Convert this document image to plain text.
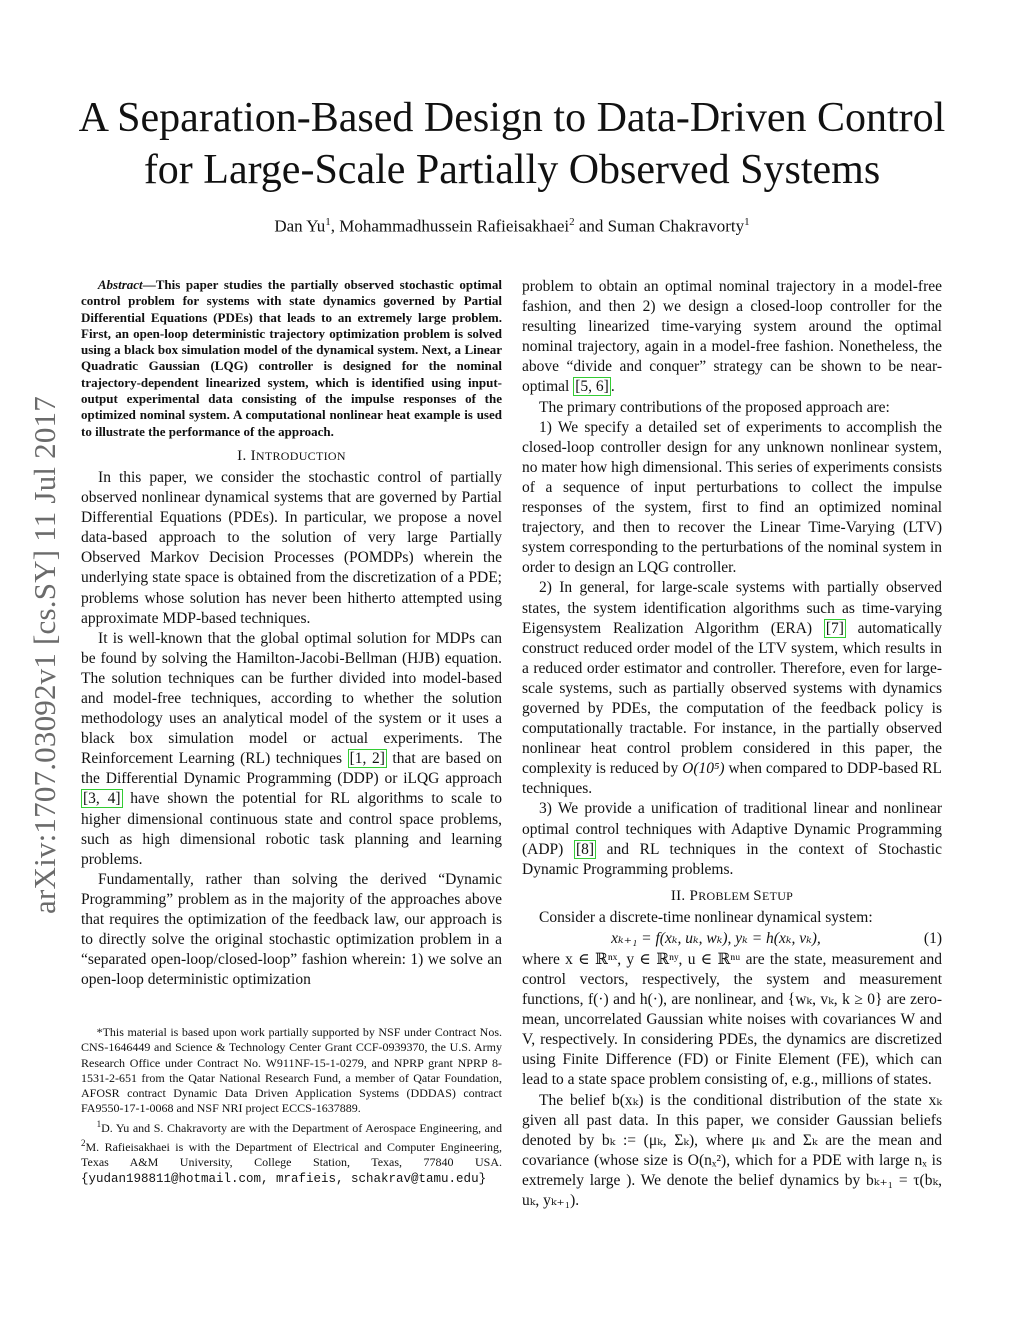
arXiv:1707.03092v1 [cs.SY] 11 Jul 2017
A Separation-Based Design to Data-Driven Control
for Large-Scale Partially Observed Systems
Dan Yu$^1$, Mohammadhussein Rafieisakhaei$^2$ and Suman Chakravorty$^1$

Abstract—This paper studies the partially observed stochastic optimal control problem for systems with state dynamics governed by Partial Differential Equations (PDEs) that leads to an extremely large problem. First, an open-loop deterministic trajectory optimization problem is solved using a black box simulation model of the dynamical system. Next, a Linear Quadratic Gaussian (LQG) controller is designed for the nominal trajectory-dependent linearized system, which is identified using input-output experimental data consisting of the impulse responses of the optimized nominal system. A computational nonlinear heat example is used to illustrate the performance of the approach.

I. INTRODUCTION

In this paper, we consider the stochastic control of partially observed nonlinear dynamical systems that are governed by Partial Differential Equations (PDEs). In particular, we propose a novel data-based approach to the solution of very large Partially Observed Markov Decision Processes (POMDPs) wherein the underlying state space is obtained from the discretization of a PDE; problems whose solution has never been hitherto attempted using approximate MDP-based techniques.

It is well-known that the global optimal solution for MDPs can be found by solving the Hamilton-Jacobi-Bellman (HJB) equation. The solution techniques can be further divided into model-based and model-free techniques, according to whether the solution methodology uses an analytical model of the system or it uses a black box simulation model or actual experiments. The Reinforcement Learning (RL) techniques [1, 2] that are based on the Differential Dynamic Programming (DDP) or iLQG approach [3, 4] have shown the potential for RL algorithms to scale to higher dimensional continuous state and control space problems, such as high dimensional robotic task planning and learning problems.

Fundamentally, rather than solving the derived “Dynamic Programming” problem as in the majority of the approaches above that requires the optimization of the feedback law, our approach is to directly solve the original stochastic optimization problem in a “separated open-loop/closed-loop” fashion wherein: 1) we solve an open-loop deterministic optimization

*This material is based upon work partially supported by NSF under Contract Nos. CNS-1646449 and Science & Technology Center Grant CCF-0939370, the U.S. Army Research Office under Contract No. W911NF-15-1-0279, and NPRP grant NPRP 8-1531-2-651 from the Qatar National Research Fund, a member of Qatar Foundation, AFOSR contract Dynamic Data Driven Application Systems (DDDAS) contract FA9550-17-1-0068 and NSF NRI project ECCS-1637889.

$^1$D. Yu and S. Chakravorty are with the Department of Aerospace Engineering, and $^2$M. Rafieisakhaei is with the Department of Electrical and Computer Engineering, Texas A&M University, College Station, Texas, 77840 USA. {yudan198811@hotmail.com, mrafieis, schakrav@tamu.edu}

problem to obtain an optimal nominal trajectory in a model-free fashion, and then 2) we design a closed-loop controller for the resulting linearized time-varying system around the optimal nominal trajectory, again in a model-free fashion. Nonetheless, the above “divide and conquer” strategy can be shown to be near-optimal [5, 6] .

The primary contributions of the proposed approach are:

1) We specify a detailed set of experiments to accomplish the closed-loop controller design for any unknown nonlinear system, no mater how high dimensional. This series of experiments consists of a sequence of input perturbations to collect the impulse responses of the system, first to find an optimized nominal trajectory, and then to recover the Linear Time-Varying (LTV) system corresponding to the perturbations of the nominal system in order to design an LQG controller.

2) In general, for large-scale systems with partially observed states, the system identification algorithms such as time-varying Eigensystem Realization Algorithm (ERA) [7] automatically construct reduced order model of the LTV system, which results in a reduced order estimator and controller. Therefore, even for large-scale systems, such as partially observed systems with dynamics governed by PDEs, the computation of the feedback policy is computationally tractable. For instance, in the partially observed nonlinear heat control problem considered in this paper, the complexity is reduced by O(10⁵) when compared to DDP-based RL techniques.

3) We provide a unification of traditional linear and nonlinear optimal control techniques with Adaptive Dynamic Programming (ADP) [8] and RL techniques in the context of Stochastic Dynamic Programming problems.

II. PROBLEM SETUP

Consider a discrete-time nonlinear dynamical system:

xₖ₊₁ = f(xₖ, uₖ, wₖ), yₖ = h(xₖ, vₖ),	(1)

where x ∈ ℝⁿˣ, y ∈ ℝⁿʸ, u ∈ ℝⁿᵘ are the state, measurement and control vectors, respectively, the system and measurement functions, f(·) and h(·), are nonlinear, and {wₖ, vₖ, k ≥ 0} are zero-mean, uncorrelated Gaussian white noises with covariances W and V, respectively. In considering PDEs, the dynamics are discretized using Finite Difference (FD) or Finite Element (FE), which can lead to a state space problem consisting of, e.g., millions of states.

The belief b(xₖ) is the conditional distribution of the state xₖ given all past data. In this paper, we consider Gaussian beliefs denoted by bₖ := (μₖ, Σₖ), where μₖ and Σₖ are the mean and covariance (whose size is O(nₓ²), which for a PDE with large nₓ is extremely large ). We denote the belief dynamics by bₖ₊₁ = τ(bₖ, uₖ, yₖ₊₁).
